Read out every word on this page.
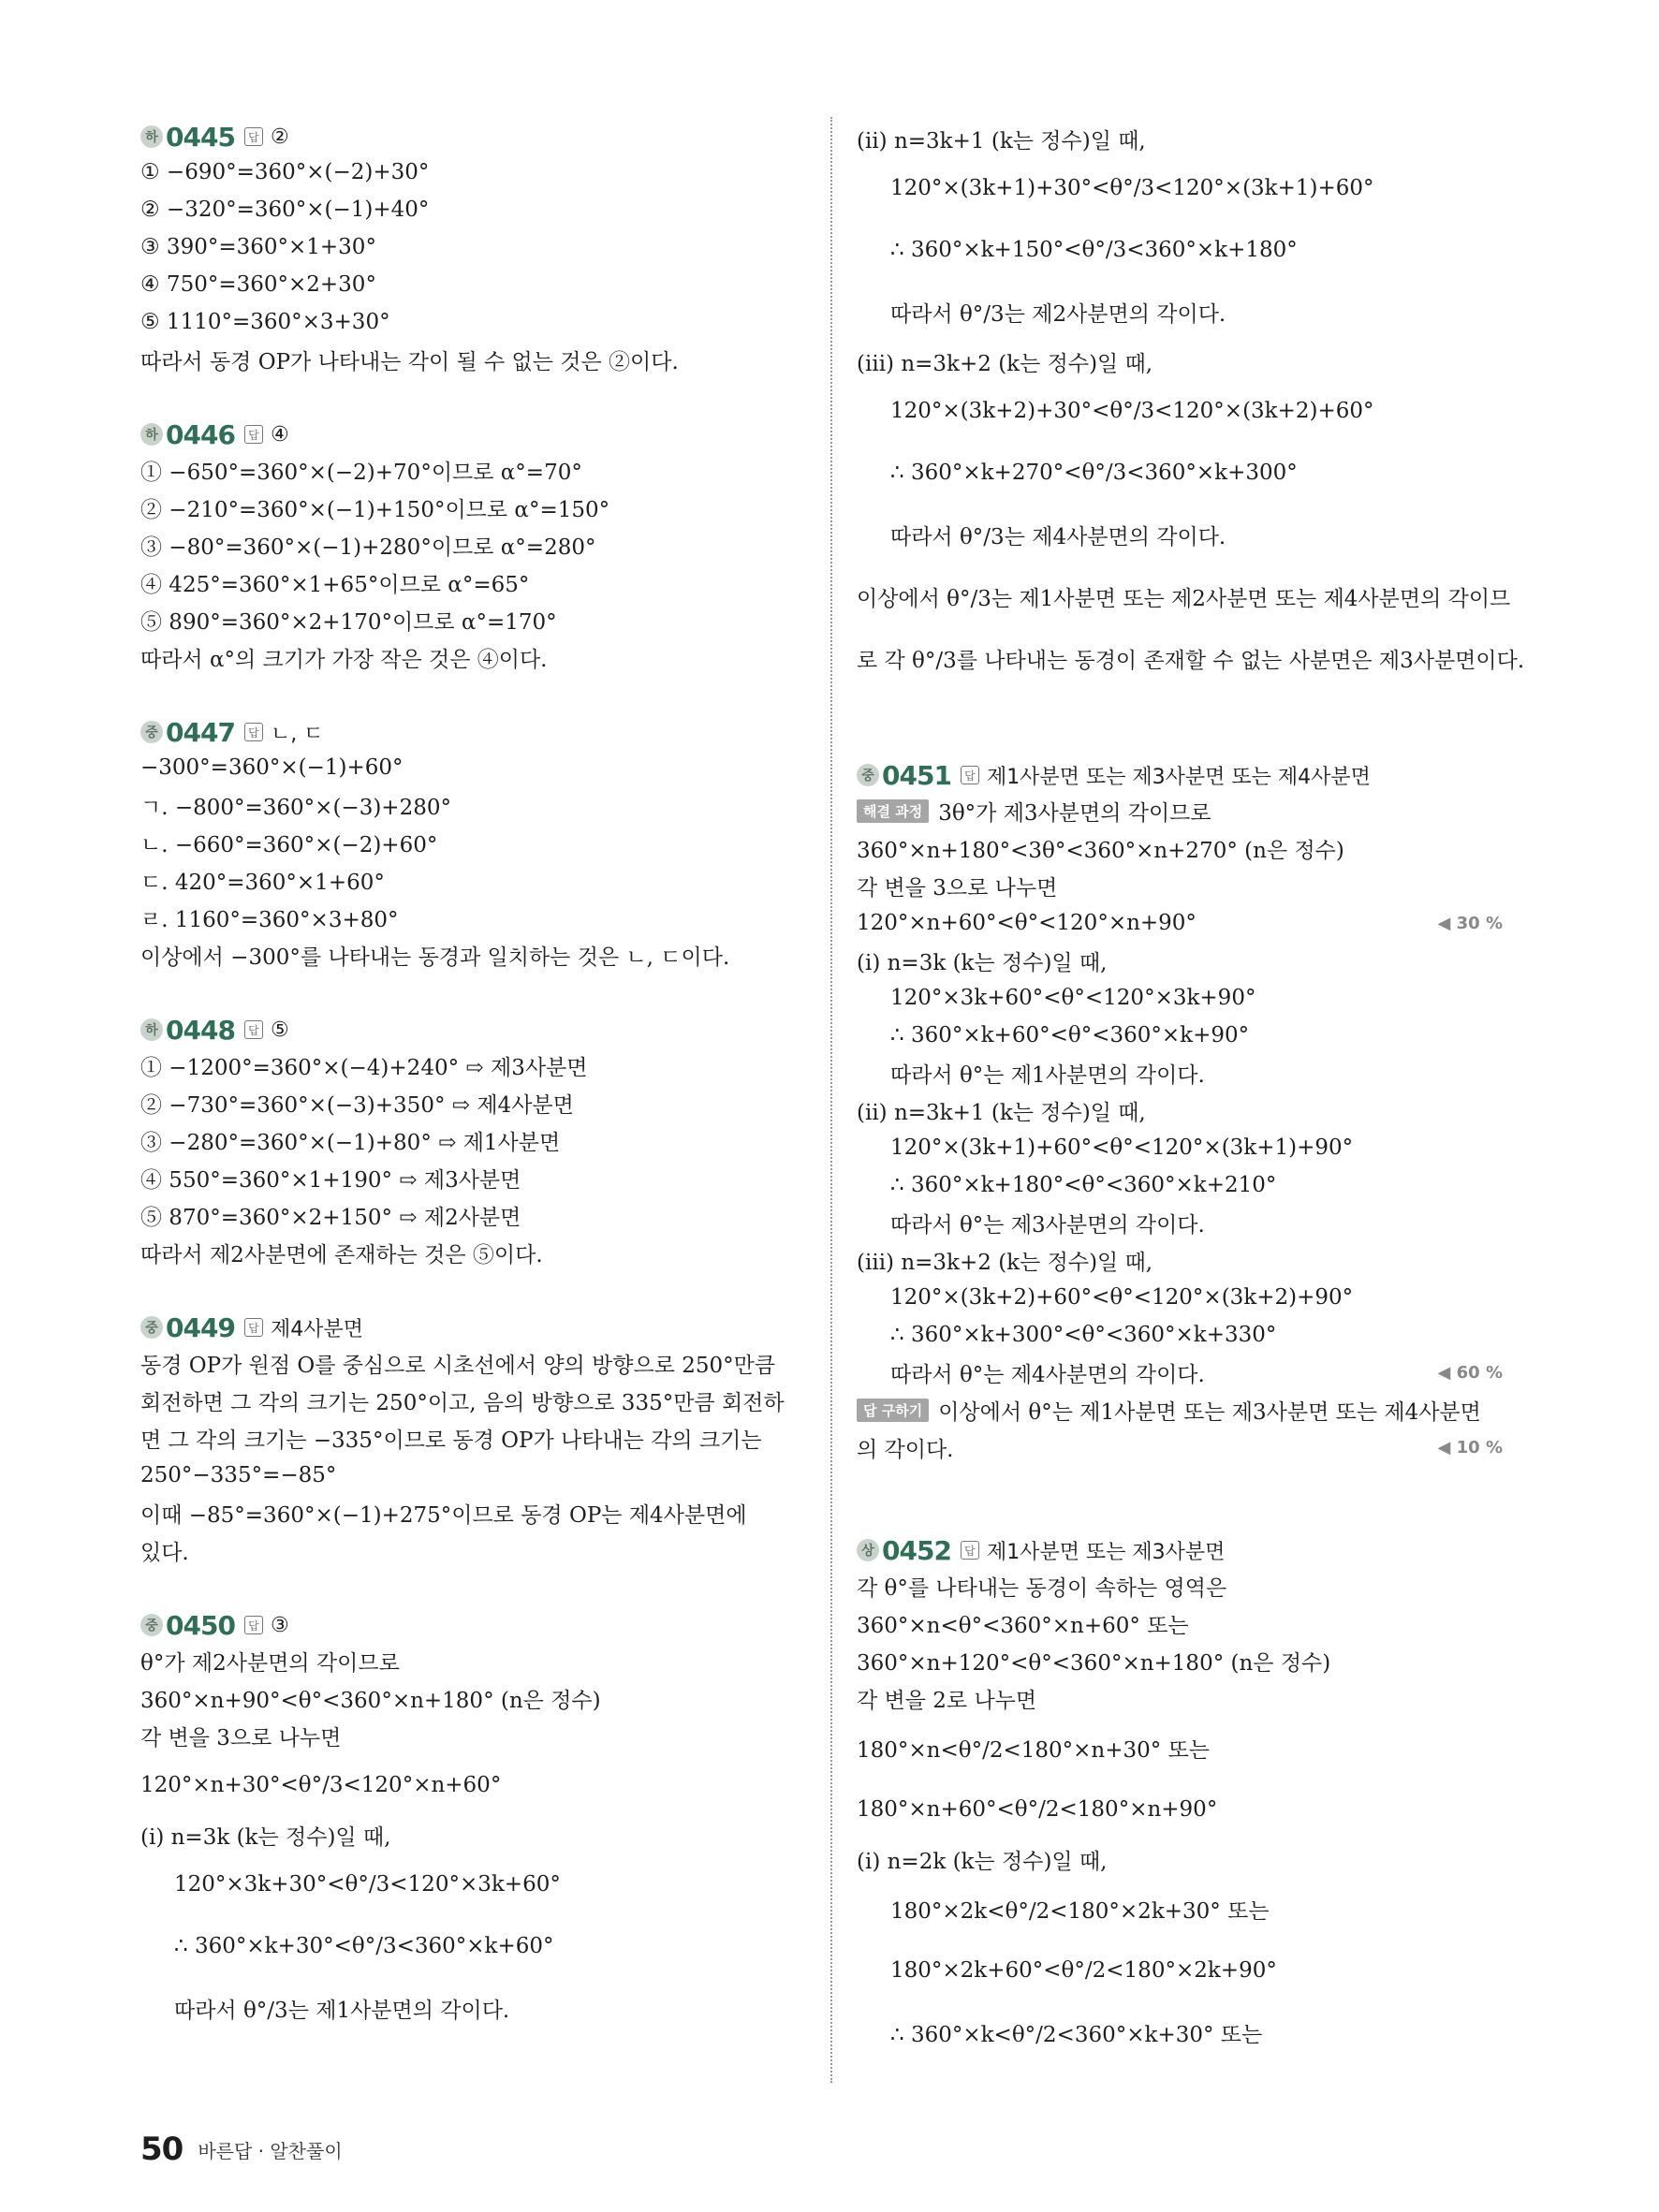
하 0445	답 ②
① −690°=360°×(−2)+30°
② −320°=360°×(−1)+40°
③ 390°=360°×1+30°
④ 750°=360°×2+30°
⑤ 1110°=360°×3+30°
따라서 동경 OP가 나타내는 각이 될 수 없는 것은 ②이다.
하 0446	답 ④
① −650°=360°×(−2)+70°이므로 α°=70°
② −210°=360°×(−1)+150°이므로 α°=150°
③ −80°=360°×(−1)+280°이므로 α°=280°
④ 425°=360°×1+65°이므로 α°=65°
⑤ 890°=360°×2+170°이므로 α°=170°
따라서 α°의 크기가 가장 작은 것은 ④이다.
중 0447	답 ㄴ, ㄷ
−300°=360°×(−1)+60°
ㄱ. −800°=360°×(−3)+280°
ㄴ. −660°=360°×(−2)+60°
ㄷ. 420°=360°×1+60°
ㄹ. 1160°=360°×3+80°
이상에서 −300°를 나타내는 동경과 일치하는 것은 ㄴ, ㄷ이다.
하 0448	답 ⑤
① −1200°=360°×(−4)+240° ⇨ 제3사분면
② −730°=360°×(−3)+350° ⇨ 제4사분면
③ −280°=360°×(−1)+80° ⇨ 제1사분면
④ 550°=360°×1+190° ⇨ 제3사분면
⑤ 870°=360°×2+150° ⇨ 제2사분면
따라서 제2사분면에 존재하는 것은 ⑤이다.
중 0449	답 제4사분면
동경 OP가 원점 O를 중심으로 시초선에서 양의 방향으로 250°만큼
회전하면 그 각의 크기는 250°이고, 음의 방향으로 335°만큼 회전하
면 그 각의 크기는 −335°이므로 동경 OP가 나타내는 각의 크기는
250°−335°=−85°
이때 −85°=360°×(−1)+275°이므로 동경 OP는 제4사분면에
있다.
중 0450	답 ③
θ°가 제2사분면의 각이므로
360°×n+90°<θ°<360°×n+180° (n은 정수)
각 변을 3으로 나누면
120°×n+30°<θ°/3<120°×n+60°
(ⅰ) n=3k (k는 정수)일 때,
120°×3k+30°<θ°/3<120°×3k+60°
∴ 360°×k+30°<θ°/3<360°×k+60°
따라서 θ°/3는 제1사분면의 각이다.
(ⅱ) n=3k+1 (k는 정수)일 때,
120°×(3k+1)+30°<θ°/3<120°×(3k+1)+60°
∴ 360°×k+150°<θ°/3<360°×k+180°
따라서 θ°/3는 제2사분면의 각이다.
(ⅲ) n=3k+2 (k는 정수)일 때,
120°×(3k+2)+30°<θ°/3<120°×(3k+2)+60°
∴ 360°×k+270°<θ°/3<360°×k+300°
따라서 θ°/3는 제4사분면의 각이다.
이상에서 θ°/3는 제1사분면 또는 제2사분면 또는 제4사분면의 각이므
로 각 θ°/3를 나타내는 동경이 존재할 수 없는 사분면은 제3사분면이다.
중 0451	답 제1사분면 또는 제3사분면 또는 제4사분면
해결 과정 3θ°가 제3사분면의 각이므로
360°×n+180°<3θ°<360°×n+270° (n은 정수)
각 변을 3으로 나누면
120°×n+60°<θ°<120°×n+90°	◀ 30 %
(ⅰ) n=3k (k는 정수)일 때,
120°×3k+60°<θ°<120°×3k+90°
∴ 360°×k+60°<θ°<360°×k+90°
따라서 θ°는 제1사분면의 각이다.
(ⅱ) n=3k+1 (k는 정수)일 때,
120°×(3k+1)+60°<θ°<120°×(3k+1)+90°
∴ 360°×k+180°<θ°<360°×k+210°
따라서 θ°는 제3사분면의 각이다.
(ⅲ) n=3k+2 (k는 정수)일 때,
120°×(3k+2)+60°<θ°<120°×(3k+2)+90°
∴ 360°×k+300°<θ°<360°×k+330°
따라서 θ°는 제4사분면의 각이다.	◀ 60 %
답 구하기 이상에서 θ°는 제1사분면 또는 제3사분면 또는 제4사분면
의 각이다.	◀ 10 %
상 0452	답 제1사분면 또는 제3사분면
각 θ°를 나타내는 동경이 속하는 영역은
360°×n<θ°<360°×n+60° 또는
360°×n+120°<θ°<360°×n+180° (n은 정수)
각 변을 2로 나누면
180°×n<θ°/2<180°×n+30° 또는
180°×n+60°<θ°/2<180°×n+90°
(ⅰ) n=2k (k는 정수)일 때,
180°×2k<θ°/2<180°×2k+30° 또는
180°×2k+60°<θ°/2<180°×2k+90°
∴ 360°×k<θ°/2<360°×k+30° 또는
50 바른답 · 알찬풀이
